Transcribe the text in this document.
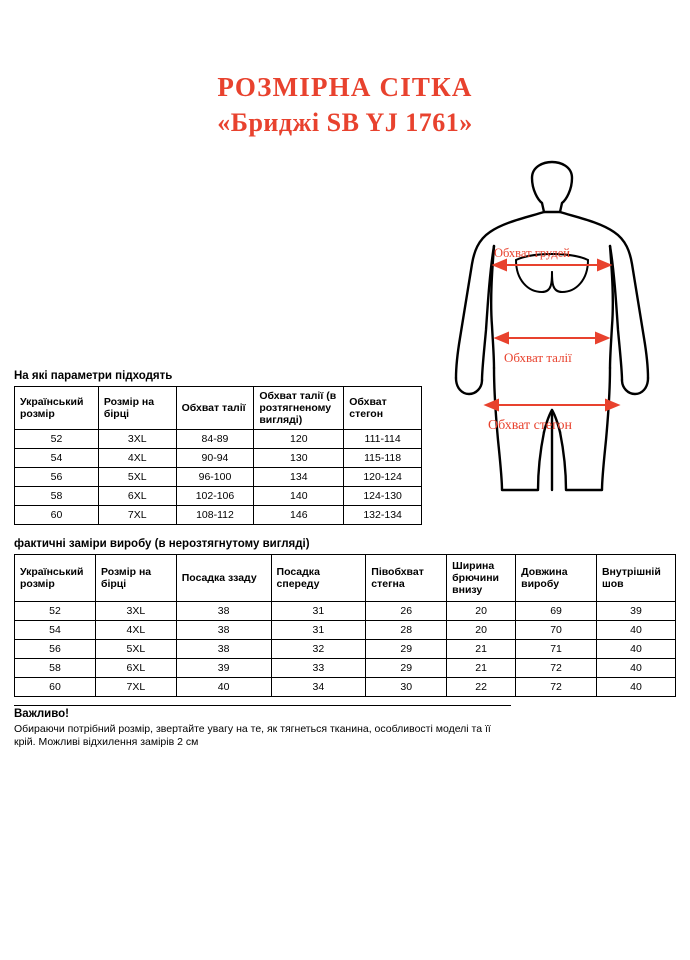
РОЗМІРНА СІТКА
«Бриджі SB YJ 1761»
Обхват грудей
Обхват талії
Обхват стегон
На які параметри підходять
Український розмір	Розмір на бірці	Обхват талії	Обхват талії (в розтягненому вигляді)	Обхват стегон
52	3XL	84-89	120	111-114
54	4XL	90-94	130	115-118
56	5XL	96-100	134	120-124
58	6XL	102-106	140	124-130
60	7XL	108-112	146	132-134
фактичні заміри виробу (в нерозтягнутому вигляді)
Український розмір	Розмір на бірці	Посадка ззаду	Посадка спереду	Півобхват стегна	Ширина брючини внизу	Довжина виробу	Внутрішній шов
52	3XL	38	31	26	20	69	39
54	4XL	38	31	28	20	70	40
56	5XL	38	32	29	21	71	40
58	6XL	39	33	29	21	72	40
60	7XL	40	34	30	22	72	40
Важливо!
Обираючи потрібний розмір, звертайте увагу на те, як тягнеться тканина, особливості моделі та її крій. Можливі відхилення замірів 2 см
